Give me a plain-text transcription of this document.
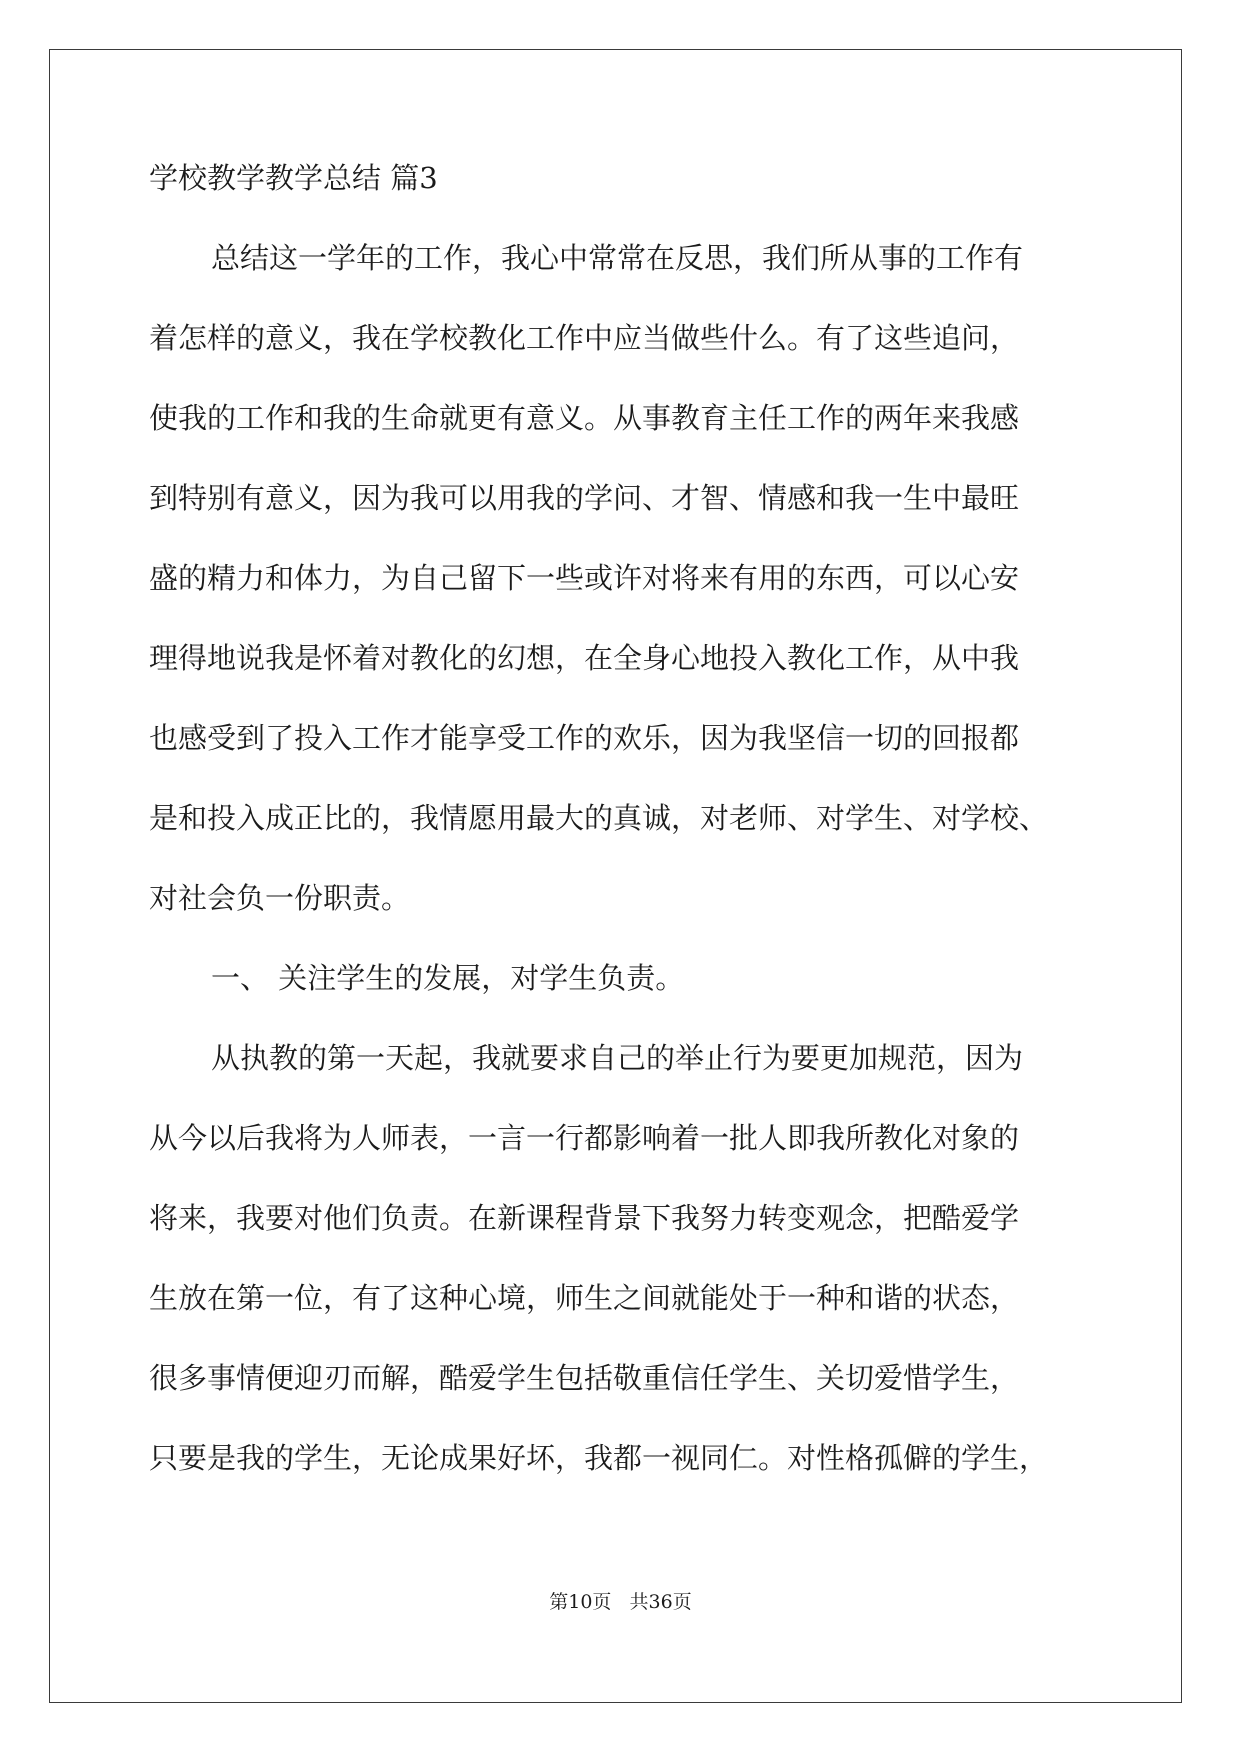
学校教学教学总结 篇3
总结这一学年的工作，我心中常常在反思，我们所从事的工作有
着怎样的意义，我在学校教化工作中应当做些什么。有了这些追问，
使我的工作和我的生命就更有意义。从事教育主任工作的两年来我感
到特别有意义，因为我可以用我的学问、才智、情感和我一生中最旺
盛的精力和体力，为自己留下一些或许对将来有用的东西，可以心安
理得地说我是怀着对教化的幻想，在全身心地投入教化工作，从中我
也感受到了投入工作才能享受工作的欢乐，因为我坚信一切的回报都
是和投入成正比的，我情愿用最大的真诚，对老师、对学生、对学校、
对社会负一份职责。
一、 关注学生的发展，对学生负责。
从执教的第一天起，我就要求自己的举止行为要更加规范，因为
从今以后我将为人师表，一言一行都影响着一批人即我所教化对象的
将来，我要对他们负责。在新课程背景下我努力转变观念，把酷爱学
生放在第一位，有了这种心境，师生之间就能处于一种和谐的状态，
很多事情便迎刃而解，酷爱学生包括敬重信任学生、关切爱惜学生，
只要是我的学生，无论成果好坏，我都一视同仁。对性格孤僻的学生，
第10页   共36页
